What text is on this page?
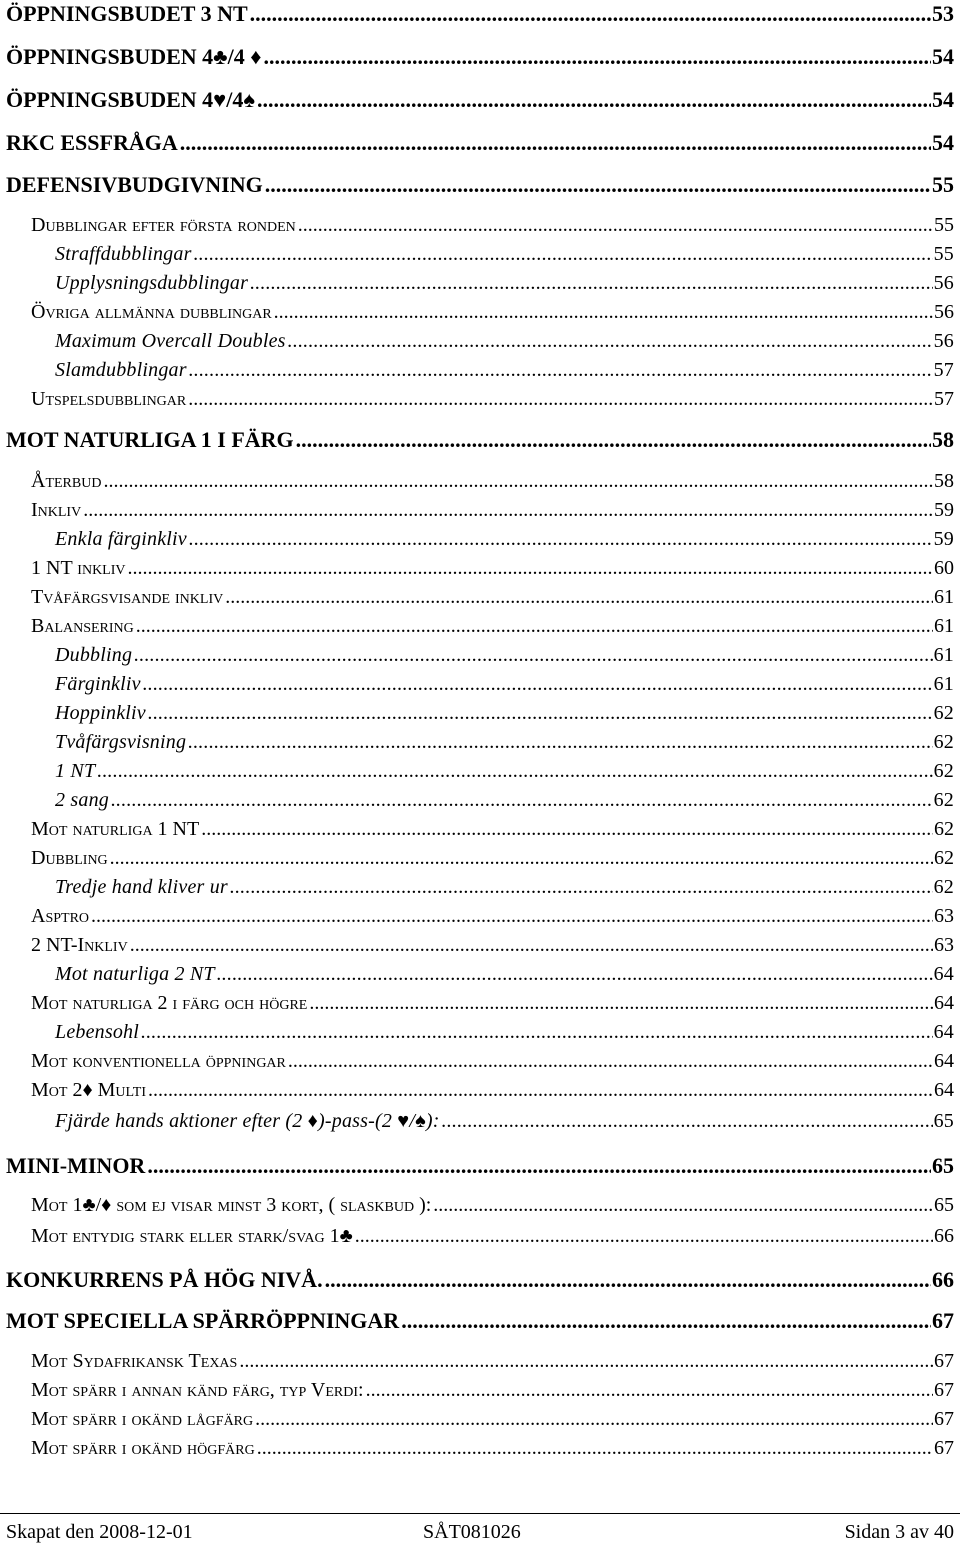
ÖPPNINGSBUDET 3 NT .....	53
ÖPPNINGSBUDEN 4♣/4 ♦ .....	54
ÖPPNINGSBUDEN 4♥/4♠ .....	54
RKC ESSFRÅGA .....	54
DEFENSIVBUDGIVNING .....	55
Dubblingar efter första ronden .....	55
Straffdubblingar .....	55
Upplysningsdubblingar .....	56
Övriga allmänna dubblingar .....	56
Maximum Overcall Doubles .....	56
Slamdubblingar .....	57
Utspelsdubblingar .....	57
MOT NATURLIGA 1 I FÄRG .....	58
Återbud .....	58
Inkliv .....	59
Enkla färginkliv .....	59
1 NT inkliv .....	60
Tvåfärgsvisande inkliv .....	61
Balansering .....	61
Dubbling .....	61
Färginkliv .....	61
Hoppinkliv .....	62
Tvåfärgsvisning .....	62
1 NT .....	62
2 sang .....	62
Mot naturliga 1 NT .....	62
Dubbling .....	62
Tredje hand kliver ur .....	62
Asptro .....	63
2 NT-Inkliv .....	63
Mot naturliga 2 NT .....	64
Mot naturliga 2 i färg och högre .....	64
Lebensohl .....	64
Mot konventionella öppningar .....	64
Mot 2♦ Multi .....	64
Fjärde hands aktioner efter (2 ♦)-pass-(2 ♥/♠): .....	65
MINI-MINOR .....	65
Mot 1♣/♦ som ej visar minst 3 kort, ( slaskbud ): .....	65
Mot entydig stark eller stark/svag 1♣ .....	66
KONKURRENS PÅ HÖG NIVÅ. .....	66
MOT SPECIELLA SPÄRRÖPPNINGAR .....	67
Mot Sydafrikansk Texas .....	67
Mot spärr i annan känd färg, typ Verdi: .....	67
Mot spärr i okänd lågfärg .....	67
Mot spärr i okänd högfärg .....	67
Skapat den 2008-12-01	SÅT081026	Sidan 3 av 40
